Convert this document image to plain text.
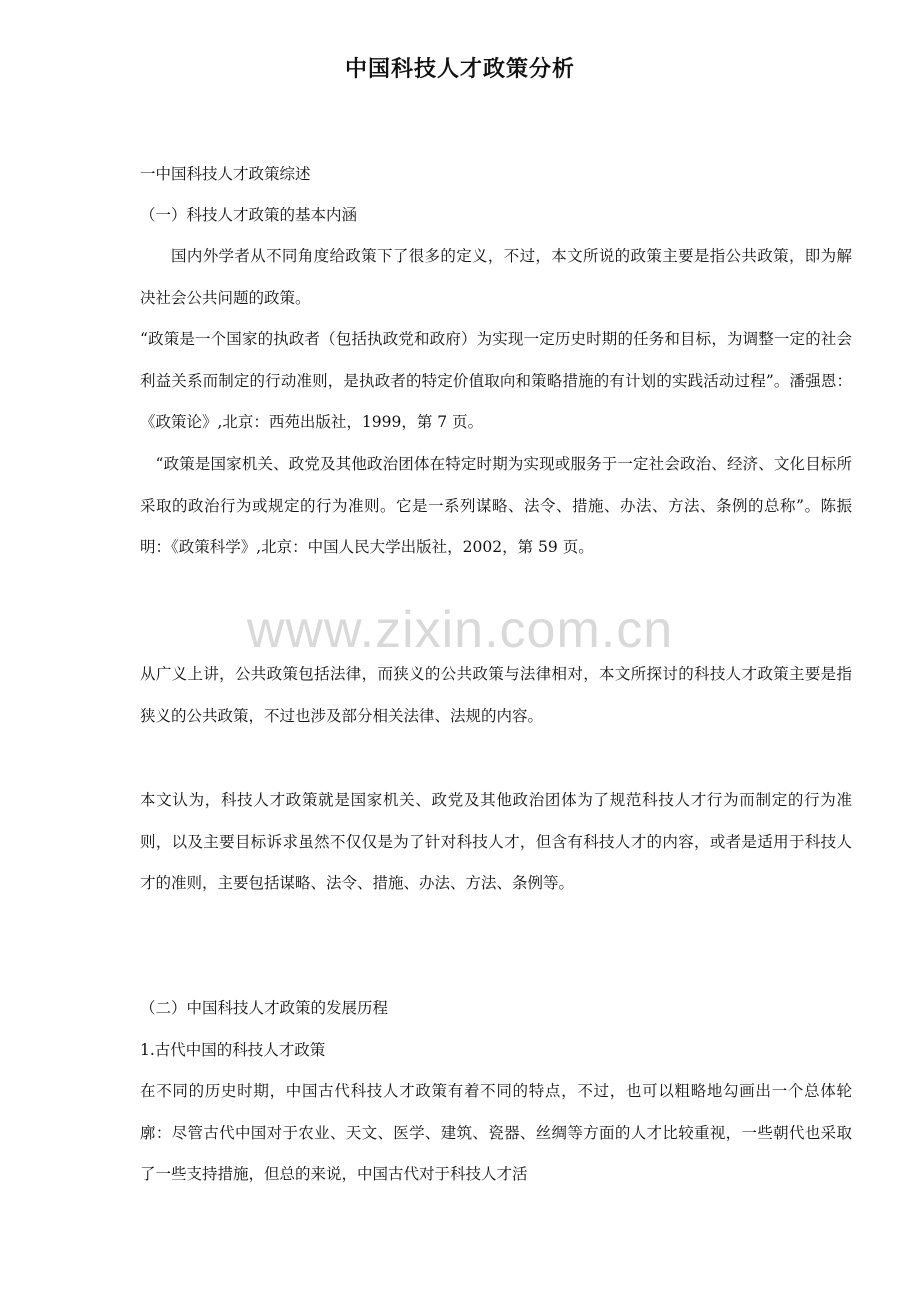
中国科技人才政策分析
一中国科技人才政策综述
（一）科技人才政策的基本内涵
国内外学者从不同角度给政策下了很多的定义，不过，本文所说的政策主要是指公共政策，即为解决社会公共问题的政策。
“政策是一个国家的执政者（包括执政党和政府）为实现一定历史时期的任务和目标，为调整一定的社会利益关系而制定的行动准则，是执政者的特定价值取向和策略措施的有计划的实践活动过程”。潘强恩：《政策论》,北京：西苑出版社，1999，第 7 页。
“政策是国家机关、政党及其他政治团体在特定时期为实现或服务于一定社会政治、经济、文化目标所采取的政治行为或规定的行为准则。它是一系列谋略、法令、措施、办法、方法、条例的总称”。陈振明：《政策科学》,北京：中国人民大学出版社，2002，第 59 页。
www.zixin.com.cn
从广义上讲，公共政策包括法律，而狭义的公共政策与法律相对，本文所探讨的科技人才政策主要是指狭义的公共政策，不过也涉及部分相关法律、法规的内容。
本文认为，科技人才政策就是国家机关、政党及其他政治团体为了规范科技人才行为而制定的行为准则，以及主要目标诉求虽然不仅仅是为了针对科技人才，但含有科技人才的内容，或者是适用于科技人才的准则，主要包括谋略、法令、措施、办法、方法、条例等。
（二）中国科技人才政策的发展历程
1.古代中国的科技人才政策
在不同的历史时期，中国古代科技人才政策有着不同的特点，不过，也可以粗略地勾画出一个总体轮廓：尽管古代中国对于农业、天文、医学、建筑、瓷器、丝绸等方面的人才比较重视，一些朝代也采取了一些支持措施，但总的来说，中国古代对于科技人才活
